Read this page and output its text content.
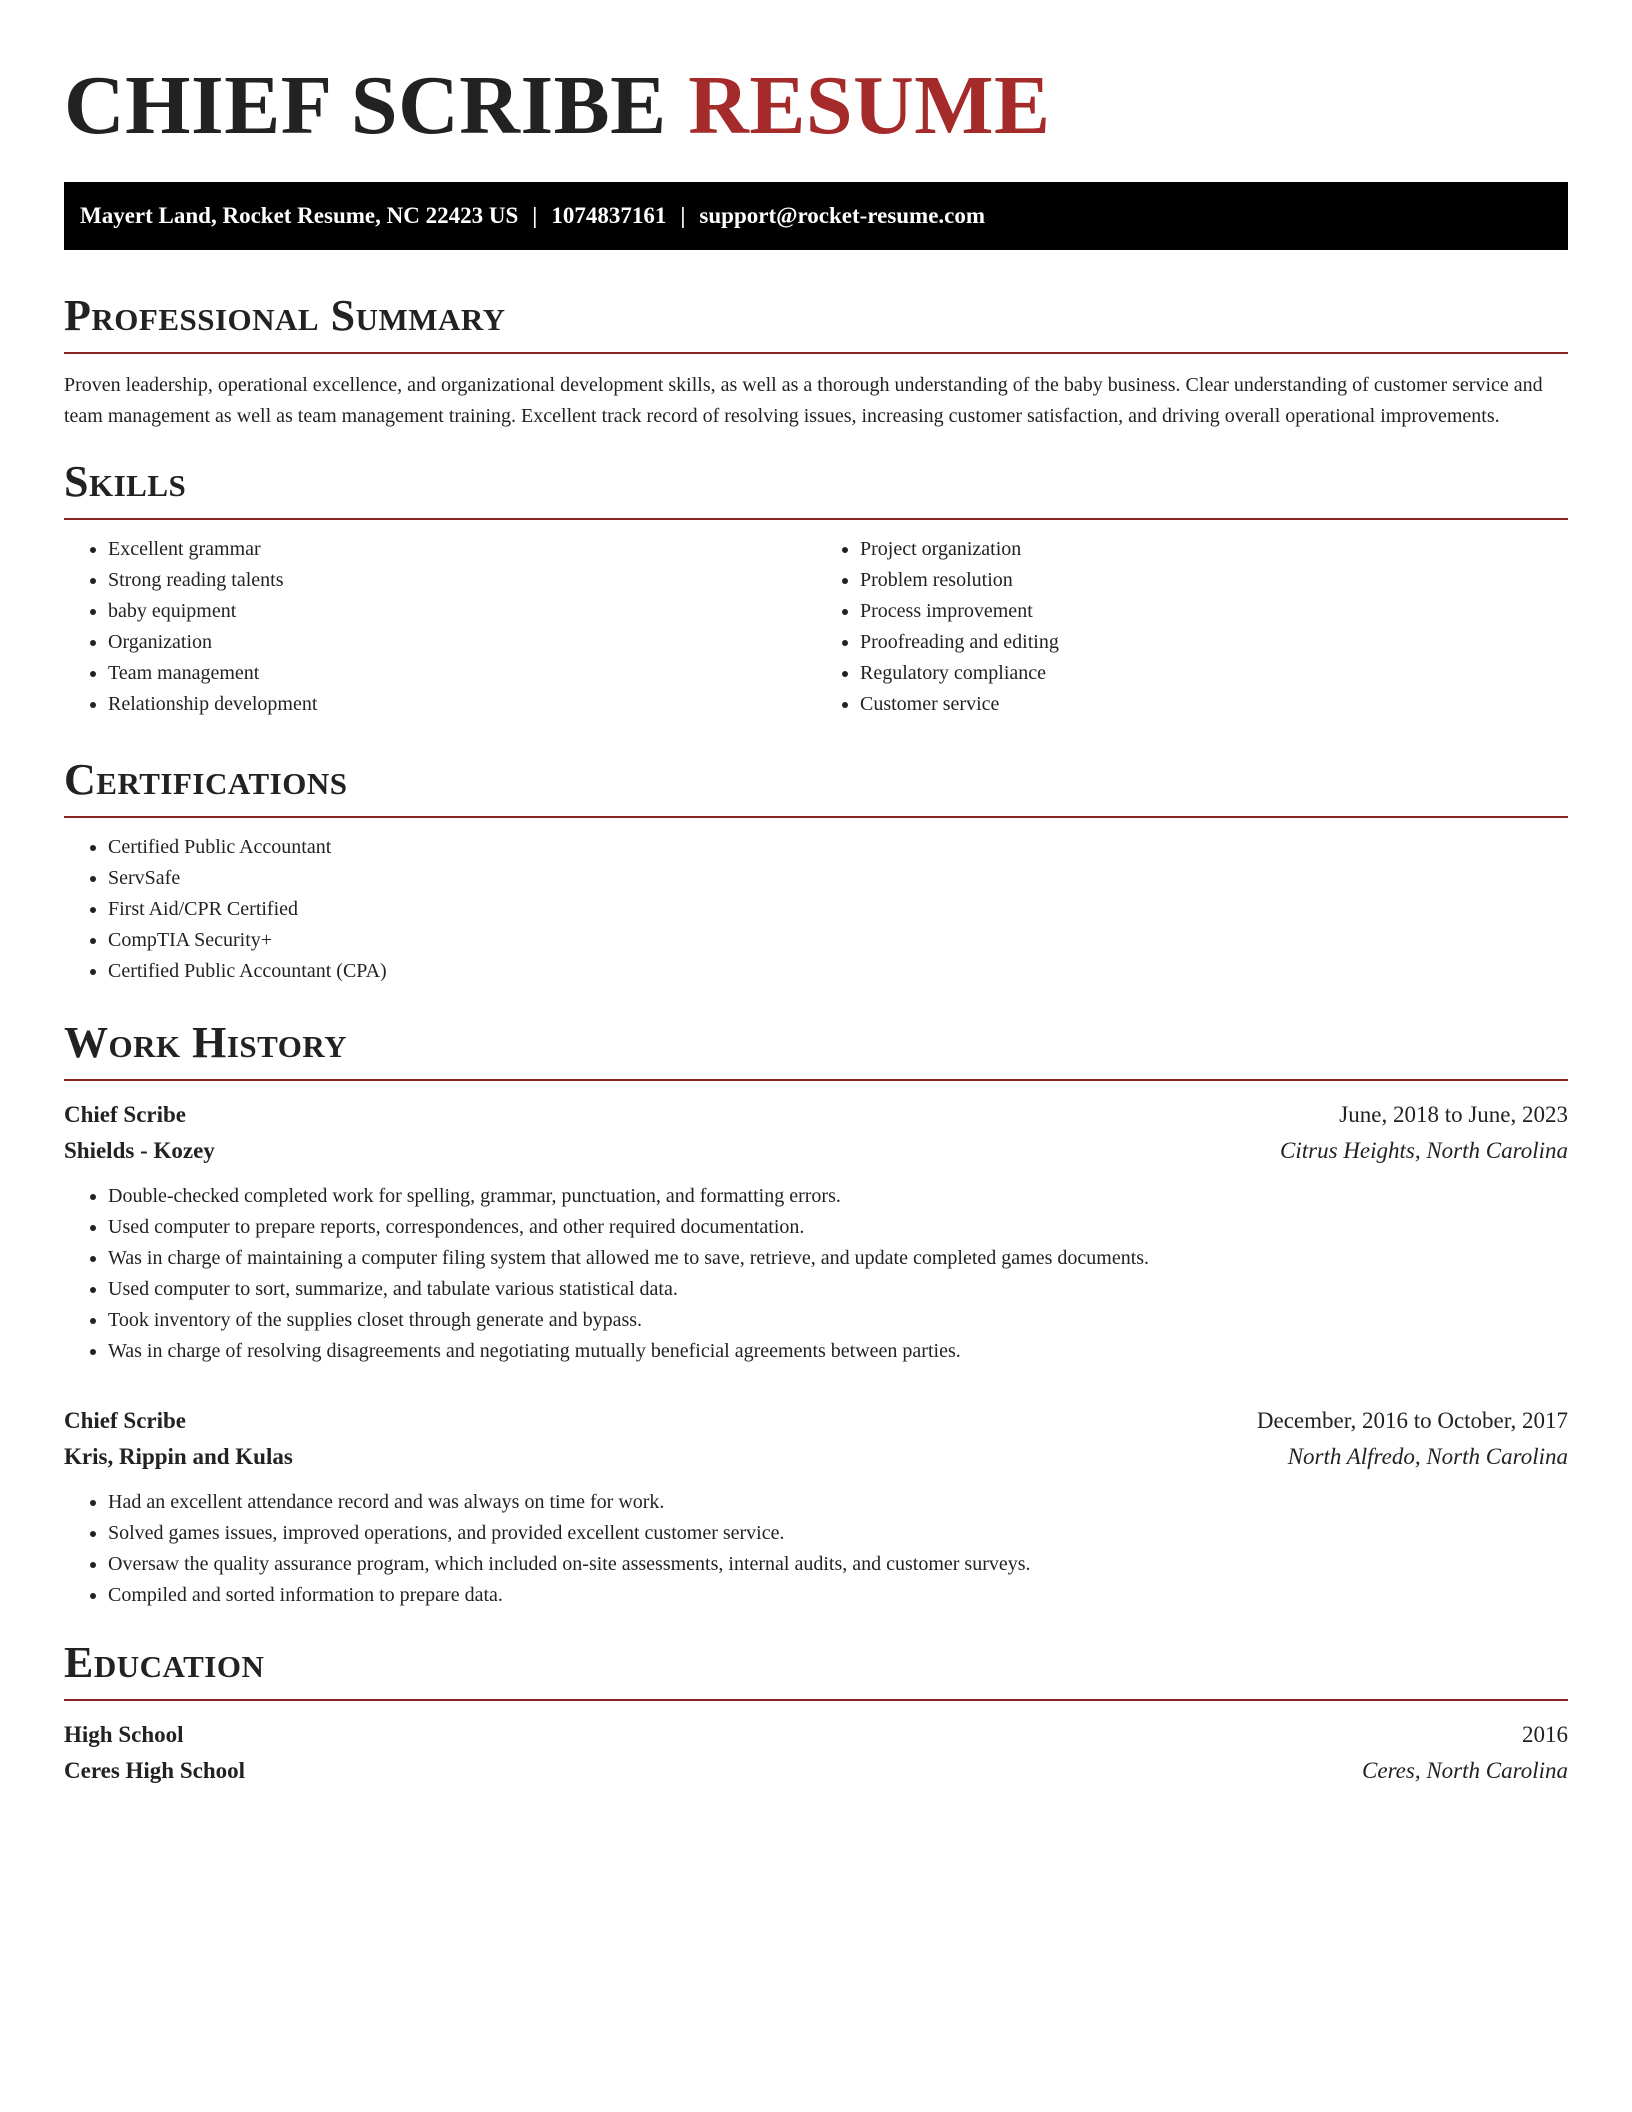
CHIEF SCRIBE RESUME
Mayert Land, Rocket Resume, NC 22423 US | 1074837161 | support@rocket-resume.com
Professional Summary

Proven leadership, operational excellence, and organizational development skills, as well as a thorough understanding of the baby business. Clear understanding of customer service and team management as well as team management training. Excellent track record of resolving issues, increasing customer satisfaction, and driving overall operational improvements.

Skills
• Excellent grammar
• Strong reading talents
• baby equipment
• Organization
• Team management
• Relationship development
• Project organization
• Problem resolution
• Process improvement
• Proofreading and editing
• Regulatory compliance
• Customer service
Certifications
• Certified Public Accountant
• ServSafe
• First Aid/CPR Certified
• CompTIA Security+
• Certified Public Accountant (CPA)
Work History
Chief Scribe	June, 2018 to June, 2023
Shields - Kozey	Citrus Heights, North Carolina
• Double-checked completed work for spelling, grammar, punctuation, and formatting errors.
• Used computer to prepare reports, correspondences, and other required documentation.
• Was in charge of maintaining a computer filing system that allowed me to save, retrieve, and update completed games documents.
• Used computer to sort, summarize, and tabulate various statistical data.
• Took inventory of the supplies closet through generate and bypass.
• Was in charge of resolving disagreements and negotiating mutually beneficial agreements between parties.
Chief Scribe	December, 2016 to October, 2017
Kris, Rippin and Kulas	North Alfredo, North Carolina
• Had an excellent attendance record and was always on time for work.
• Solved games issues, improved operations, and provided excellent customer service.
• Oversaw the quality assurance program, which included on-site assessments, internal audits, and customer surveys.
• Compiled and sorted information to prepare data.
Education
High School	2016
Ceres High School	Ceres, North Carolina
